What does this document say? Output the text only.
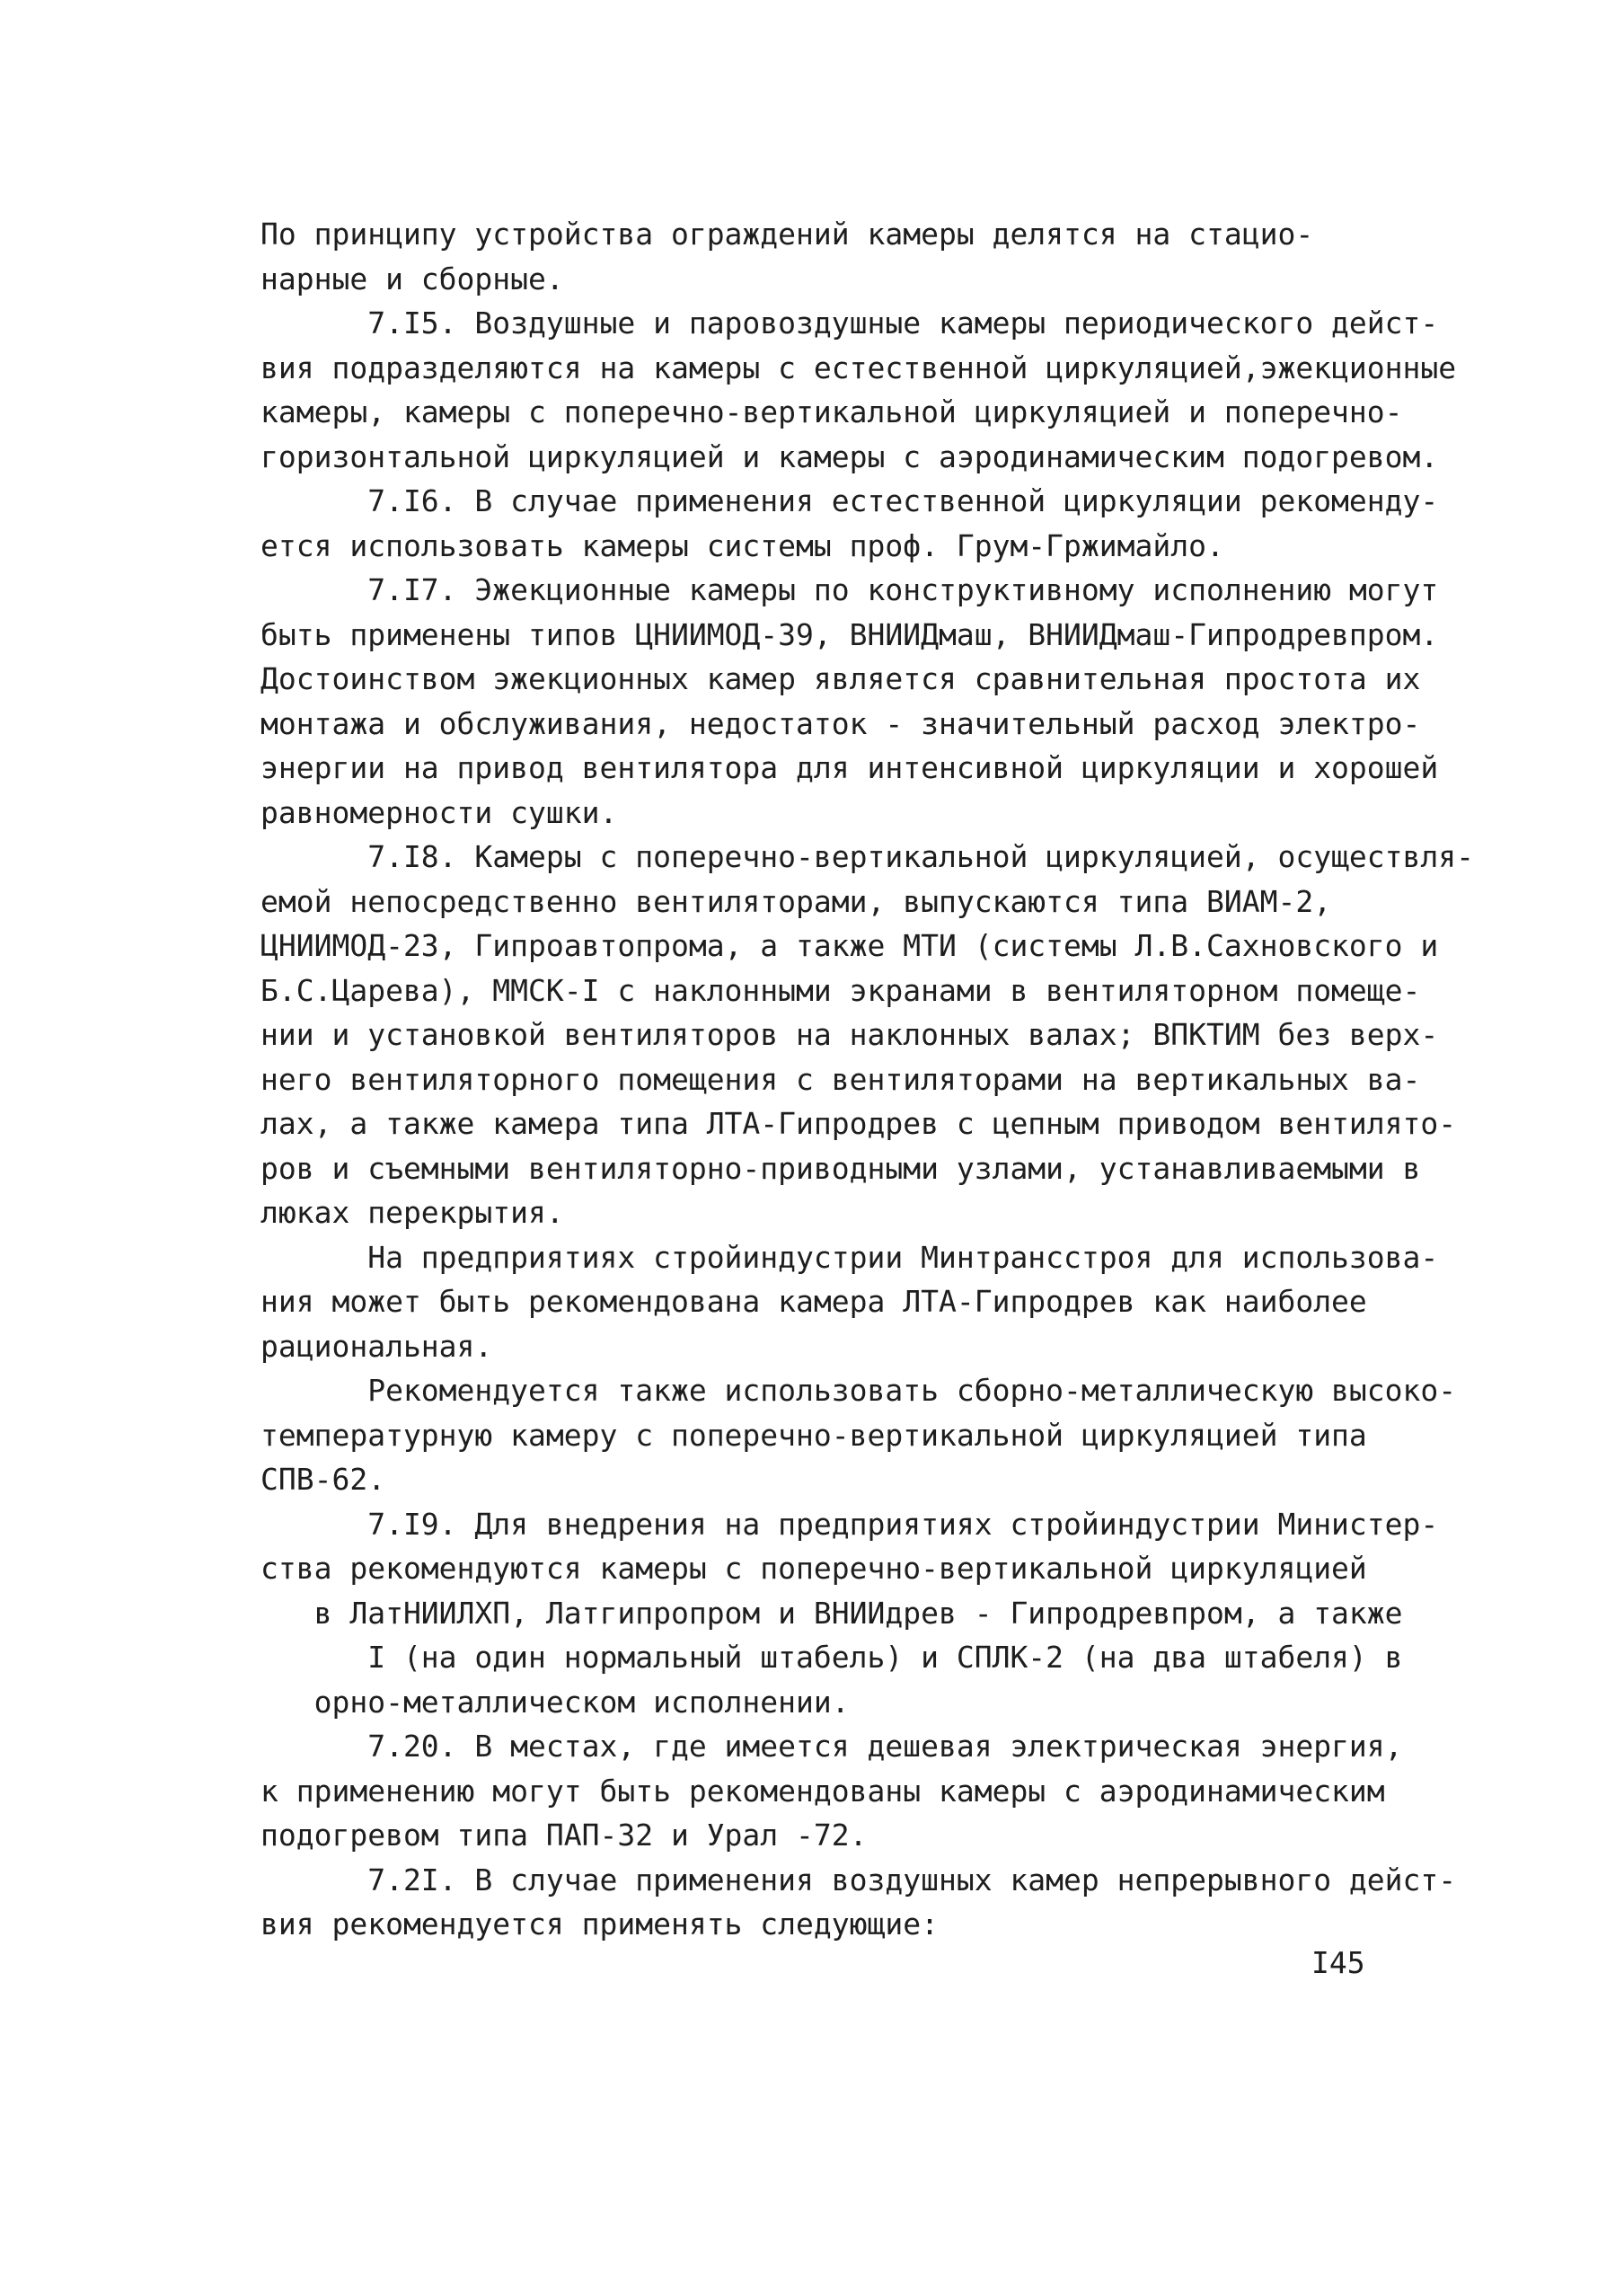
По принципу устройства ограждений камеры делятся на стацио-
нарные и сборные.
7.I5. Воздушные и паровоздушные камеры периодического дейст-
вия подразделяются на камеры с естественной циркуляцией,эжекционные
камеры, камеры с поперечно-вертикальной циркуляцией и поперечно-
горизонтальной циркуляцией и камеры с аэродинамическим подогревом.
7.I6. В случае применения естественной циркуляции рекоменду-
ется использовать камеры системы проф. Грум-Гржимайло.
7.I7. Эжекционные камеры по конструктивному исполнению могут
быть применены типов ЦНИИМОД-39, ВНИИДмаш, ВНИИДмаш-Гипродревпром.
Достоинством эжекционных камер является сравнительная простота их
монтажа и обслуживания, недостаток - значительный расход электро-
энергии на привод вентилятора для интенсивной циркуляции и хорошей
равномерности сушки.
7.I8. Камеры с поперечно-вертикальной циркуляцией, осуществля-
емой непосредственно вентиляторами, выпускаются типа ВИАМ-2,
ЦНИИМОД-23, Гипроавтопрома, а также МТИ (системы Л.В.Сахновского и
Б.С.Царева), ММСК-I с наклонными экранами в вентиляторном помеще-
нии и установкой вентиляторов на наклонных валах; ВПКТИМ без верх-
него вентиляторного помещения с вентиляторами на вертикальных ва-
лах, а также камера типа ЛТА-Гипродрев с цепным приводом вентилято-
ров и съемными вентиляторно-приводными узлами, устанавливаемыми в
люках перекрытия.
На предприятиях стройиндустрии Минтрансстроя для использова-
ния может быть рекомендована камера ЛТА-Гипродрев как наиболее
рациональная.
Рекомендуется также использовать сборно-металлическую высоко-
температурную камеру с поперечно-вертикальной циркуляцией типа
СПВ-62.
7.I9. Для внедрения на предприятиях стройиндустрии Министер-
ства рекомендуются камеры с поперечно-вертикальной циркуляцией
в ЛатНИИЛХП, Латгипропром и ВНИИдрев - Гипродревпром, а также
I (на один нормальный штабель) и СПЛК-2 (на два штабеля) в
орно-металлическом исполнении.
7.20. В местах, где имеется дешевая электрическая энергия,
к применению могут быть рекомендованы камеры с аэродинамическим
подогревом типа ПАП-32 и Урал -72.
7.2I. В случае применения воздушных камер непрерывного дейст-
вия рекомендуется применять следующие:
I45
